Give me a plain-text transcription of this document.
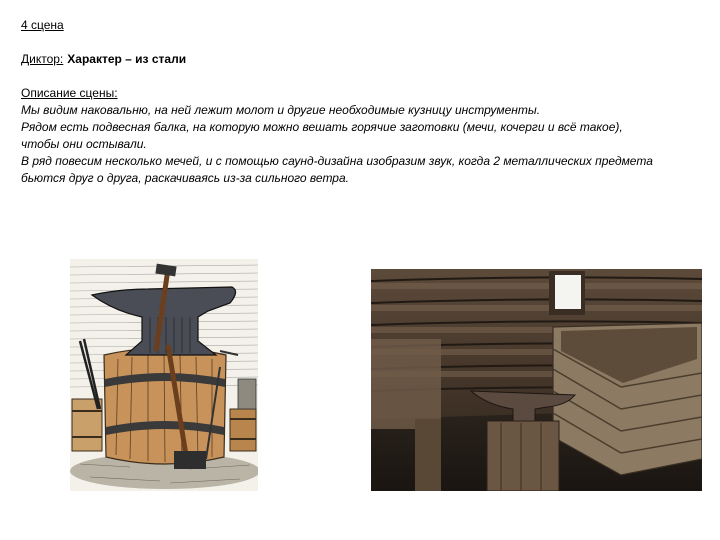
4 сцена
Диктор: Характер – из стали
Описание сцены:
Мы видим наковальню, на ней лежит молот и другие необходимые кузницу инструменты.
Рядом есть подвесная балка, на которую можно вешать горячие заготовки (мечи, кочерги и всё такое),
чтобы они остывали.
В ряд повесим несколько мечей, и с помощью саунд-дизайна изобразим звук, когда 2 металлических предмета
бьются друг о друга, раскачиваясь из-за сильного ветра.
